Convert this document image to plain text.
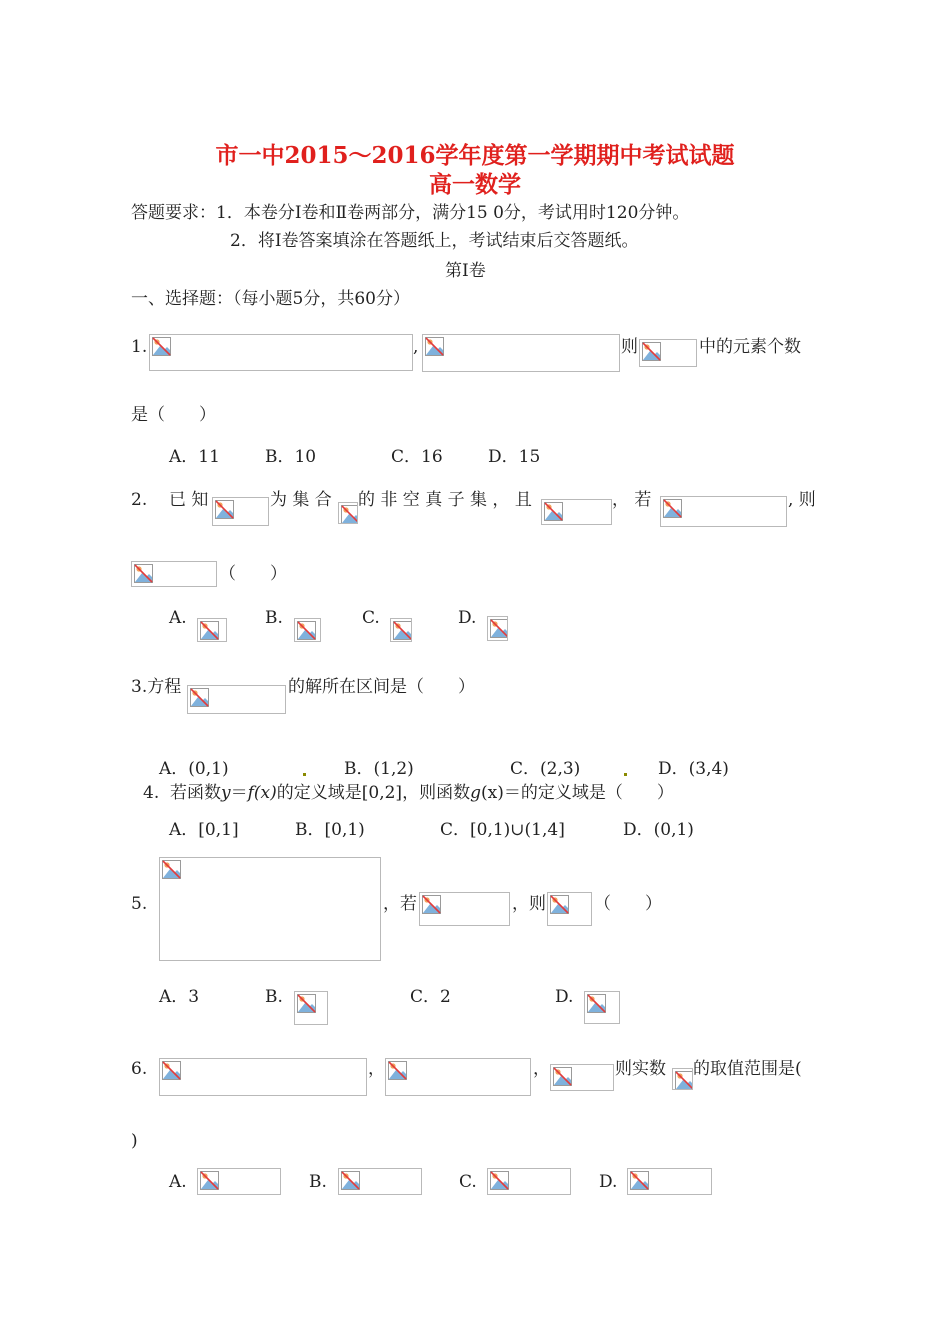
市一中2015～2016学年度第一学期期中考试试题
高一数学
答题要求：1．本卷分Ⅰ卷和Ⅱ卷两部分，满分15 0分，考试用时120分钟。
2．将Ⅰ卷答案填涂在答题纸上，考试结束后交答题纸。
第Ⅰ卷
一、选择题：（每小题5分，共60分）
1.	,	则	中的元素个数
是（　　）
A．11	B．10	C．16	D．15
2. 已 知	为 集 合 的 非 空 真 子 集 ， 且	， 若	, 则
（　　）
A.	B.	C.	D.
3.方程	的解所在区间是（　　）
A．(0,1)	B．(1,2)	C．(2,3)	D．(3,4)
4. 若函数y＝f(x)的定义域是[0,2]，则函数g(x)＝的定义域是（　　）
A．[0,1]	B．[0,1)	C．[0,1)∪(1,4]	D．(0,1)
5.	，若	，则	（　　）
A．3	B.	C．2	D.
6.	，	，	则实数 的取值范围是(
)
A.	B.	C.	D.
